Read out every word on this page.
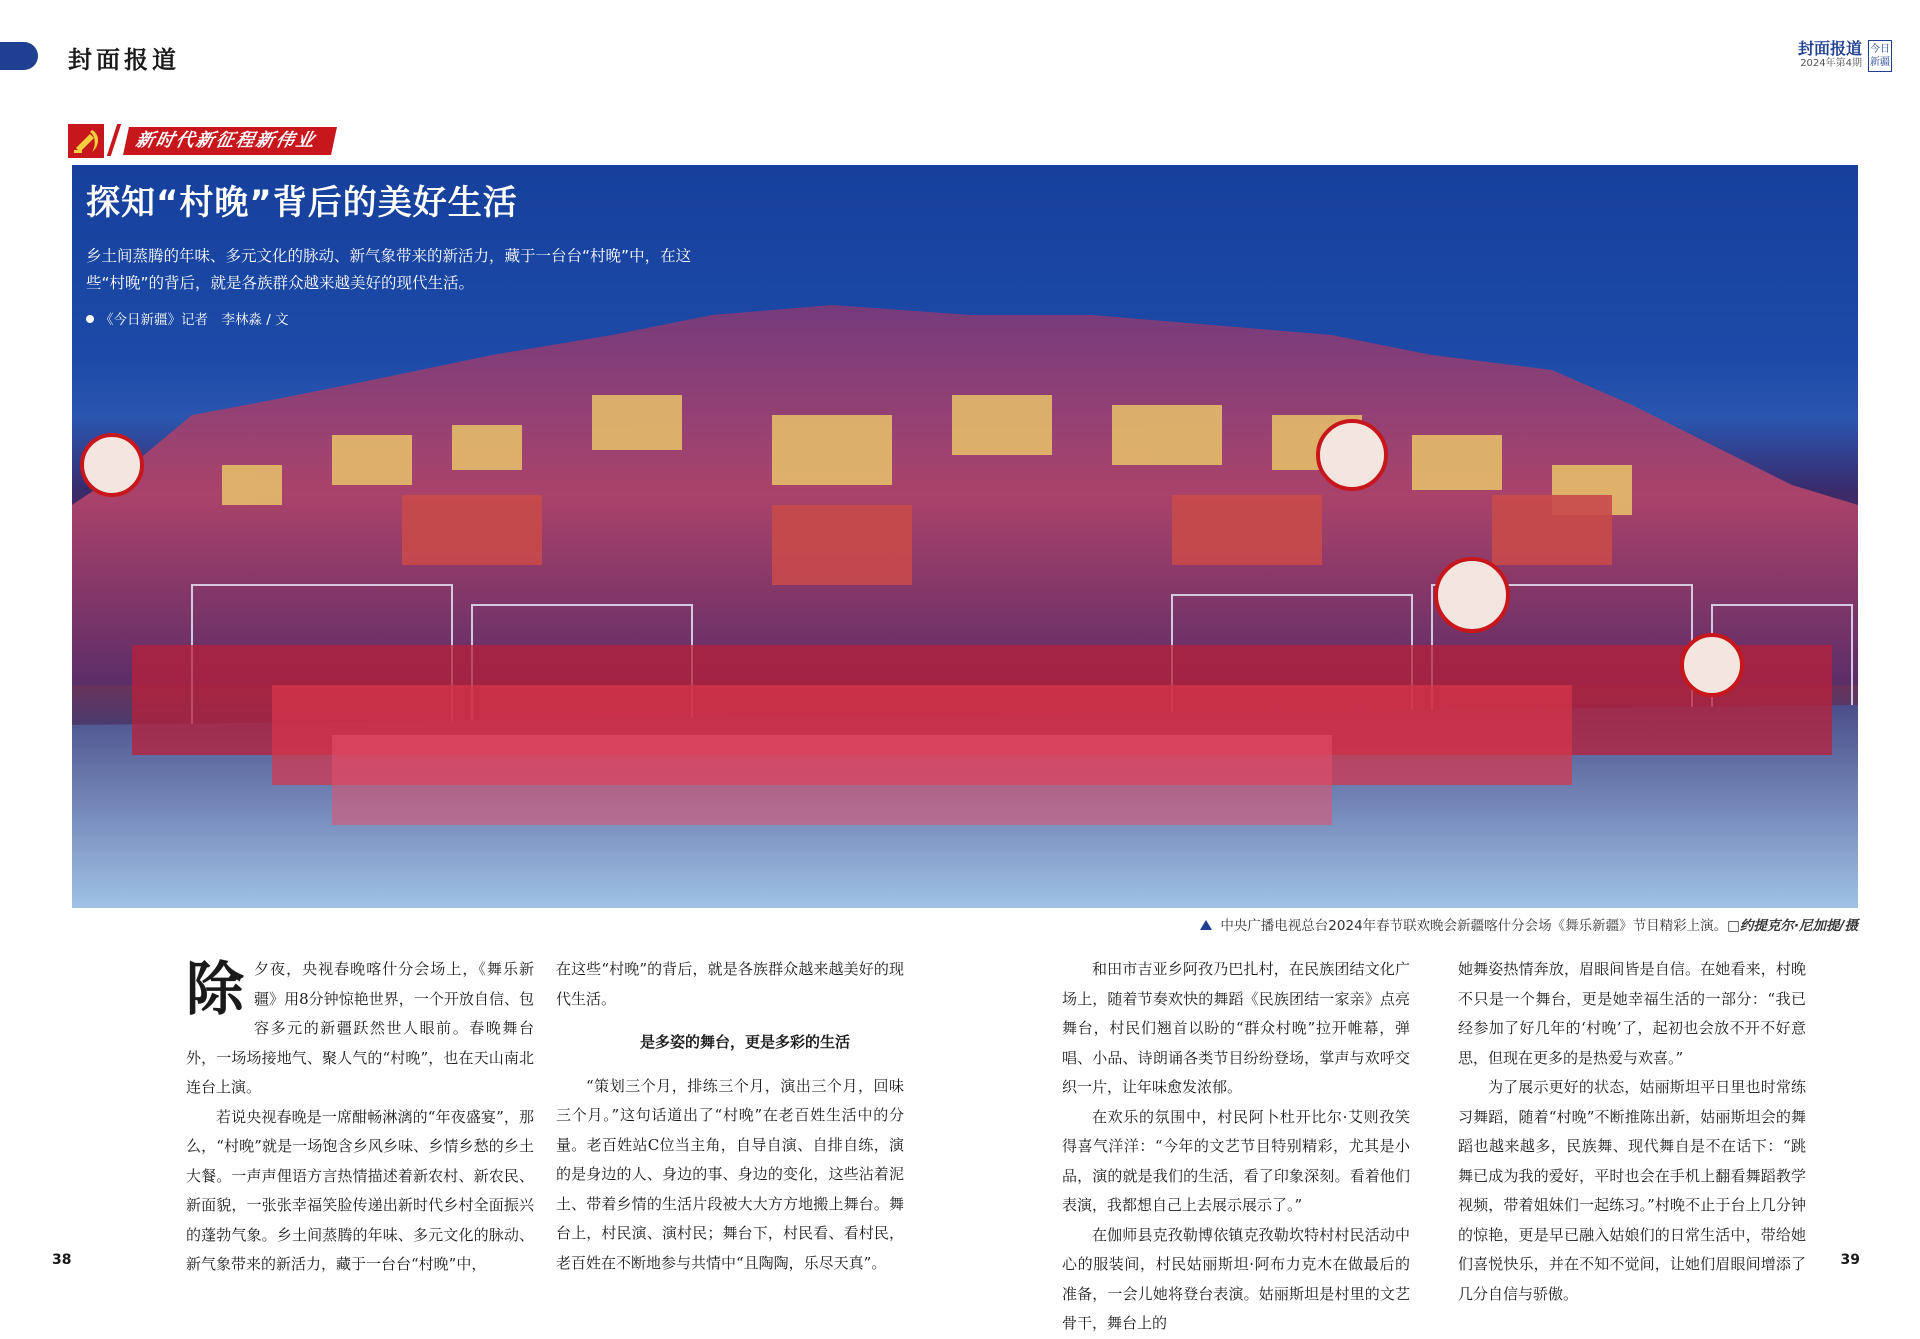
封面报道	封面报道
2024年第4期
今日新疆
新时代新征程新伟业
探知“村晚”背后的美好生活
乡土间蒸腾的年味、多元文化的脉动、新气象带来的新活力，藏于一台台“村晚”中，在这些“村晚”的背后，就是各族群众越来越美好的现代生活。
《今日新疆》记者　李林淼 / 文
中央广播电视总台2024年春节联欢晚会新疆喀什分会场《舞乐新疆》节目精彩上演。□约提克尔·尼加提/摄

除夕夜，央视春晚喀什分会场上，《舞乐新疆》用8分钟惊艳世界，一个开放自信、包容多元的新疆跃然世人眼前。春晚舞台外，一场场接地气、聚人气的“村晚”，也在天山南北连台上演。

若说央视春晚是一席酣畅淋漓的“年夜盛宴”，那么，“村晚”就是一场饱含乡风乡味、乡情乡愁的乡土大餐。一声声俚语方言热情描述着新农村、新农民、新面貌，一张张幸福笑脸传递出新时代乡村全面振兴的蓬勃气象。乡土间蒸腾的年味、多元文化的脉动、新气象带来的新活力，藏于一台台“村晚”中，

在这些“村晚”的背后，就是各族群众越来越美好的现代生活。

是多姿的舞台，更是多彩的生活

“策划三个月，排练三个月，演出三个月，回味三个月。”这句话道出了“村晚”在老百姓生活中的分量。老百姓站C位当主角，自导自演、自排自练，演的是身边的人、身边的事、身边的变化，这些沾着泥土、带着乡情的生活片段被大大方方地搬上舞台。舞台上，村民演、演村民；舞台下，村民看、看村民，老百姓在不断地参与共情中“且陶陶，乐尽天真”。

和田市吉亚乡阿孜乃巴扎村，在民族团结文化广场上，随着节奏欢快的舞蹈《民族团结一家亲》点亮舞台，村民们翘首以盼的“群众村晚”拉开帷幕，弹唱、小品、诗朗诵各类节目纷纷登场，掌声与欢呼交织一片，让年味愈发浓郁。

在欢乐的氛围中，村民阿卜杜开比尔·艾则孜笑得喜气洋洋：“今年的文艺节目特别精彩，尤其是小品，演的就是我们的生活，看了印象深刻。看着他们表演，我都想自己上去展示展示了。”

在伽师县克孜勒博依镇克孜勒坎特村村民活动中心的服装间，村民姑丽斯坦·阿布力克木在做最后的准备，一会儿她将登台表演。姑丽斯坦是村里的文艺骨干，舞台上的

她舞姿热情奔放，眉眼间皆是自信。在她看来，村晚不只是一个舞台，更是她幸福生活的一部分：“我已经参加了好几年的‘村晚’了，起初也会放不开不好意思，但现在更多的是热爱与欢喜。”

为了展示更好的状态，姑丽斯坦平日里也时常练习舞蹈，随着“村晚”不断推陈出新，姑丽斯坦会的舞蹈也越来越多，民族舞、现代舞自是不在话下：“跳舞已成为我的爱好，平时也会在手机上翻看舞蹈教学视频，带着姐妹们一起练习。”村晚不止于台上几分钟的惊艳，更是早已融入姑娘们的日常生活中，带给她们喜悦快乐，并在不知不觉间，让她们眉眼间增添了几分自信与骄傲。

38	39
